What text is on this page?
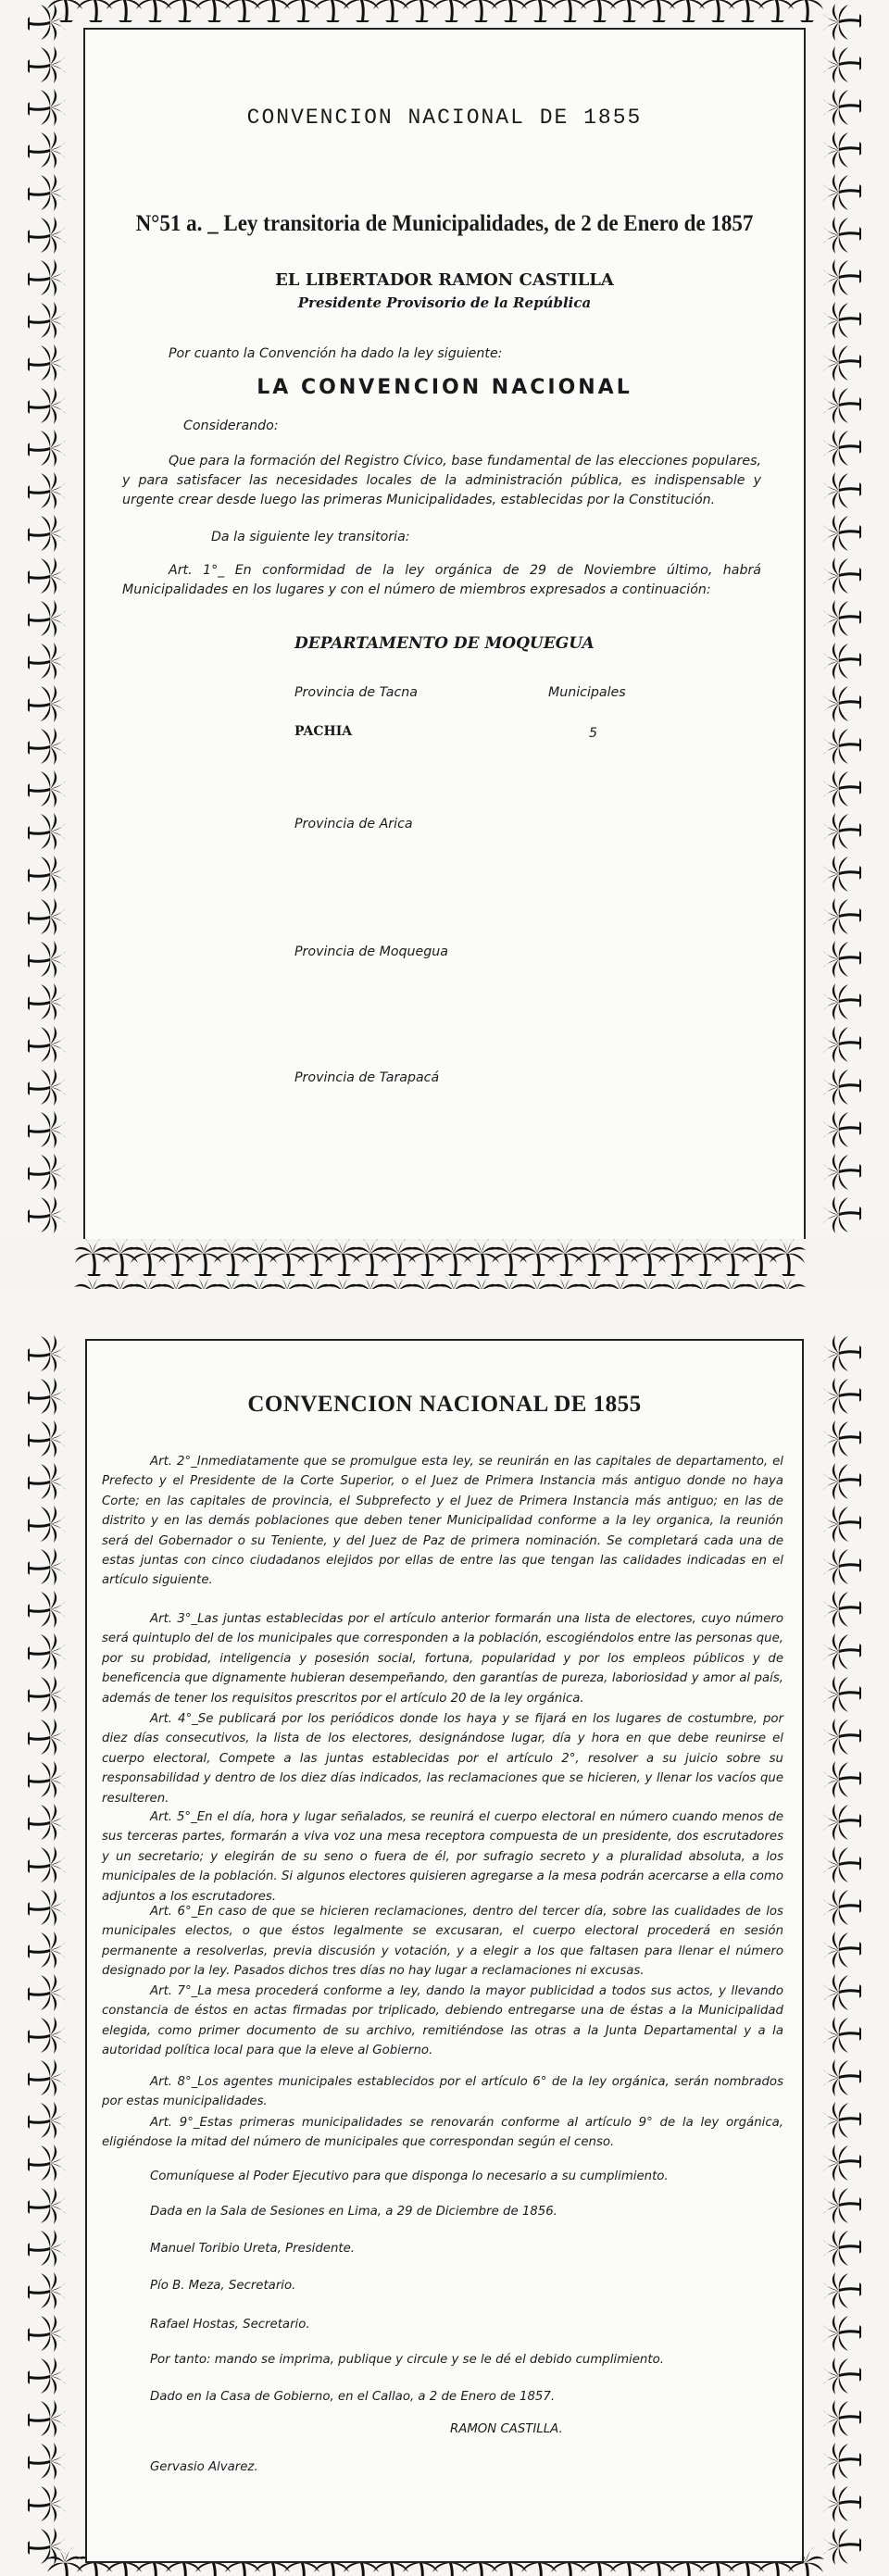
CONVENCION NACIONAL DE 1855
N°51 a. _ Ley transitoria de Municipalidades, de 2 de Enero de 1857
EL LIBERTADOR RAMON CASTILLA
Presidente Provisorio de la República
Por cuanto la Convención ha dado la ley siguiente:
LA CONVENCION NACIONAL
Considerando:
Que para la formación del Registro Cívico, base fundamental de las elecciones populares, y para satisfacer las necesidades locales de la administración pública, es indispensable y urgente crear desde luego las primeras Municipalidades, establecidas por la Constitución.
Da la siguiente ley transitoria:
Art. 1°_ En conformidad de la ley orgánica de 29 de Noviembre último, habrá Municipalidades en los lugares y con el número de miembros expresados a continuación:
DEPARTAMENTO DE MOQUEGUA
Provincia de Tacna	Municipales
PACHIA	5
Provincia de Arica
Provincia de Moquegua
Provincia de Tarapacá
CONVENCION NACIONAL DE 1855
Art. 2°_Inmediatamente que se promulgue esta ley, se reunirán en las capitales de departamento, el Prefecto y el Presidente de la Corte Superior, o el Juez de Primera Instancia más antiguo donde no haya Corte; en las capitales de provincia, el Subprefecto y el Juez de Primera Instancia más antiguo; en las de distrito y en las demás poblaciones que deben tener Municipalidad conforme a la ley organica, la reunión será del Gobernador o su Teniente, y del Juez de Paz de primera nominación. Se completará cada una de estas juntas con cinco ciudadanos elejidos por ellas de entre las que tengan las calidades indicadas en el artículo siguiente.
Art. 3°_Las juntas establecidas por el artículo anterior formarán una lista de electores, cuyo número será quintuplo del de los municipales que corresponden a la población, escogiéndolos entre las personas que, por su probidad, inteligencia y posesión social, fortuna, popularidad y por los empleos públicos y de beneficencia que dignamente hubieran desempeñando, den garantías de pureza, laboriosidad y amor al país, además de tener los requisitos prescritos por el artículo 20 de la ley orgánica.
Art. 4°_Se publicará por los periódicos donde los haya y se fijará en los lugares de costumbre, por diez días consecutivos, la lista de los electores, designándose lugar, día y hora en que debe reunirse el cuerpo electoral, Compete a las juntas establecidas por el artículo 2°, resolver a su juicio sobre su responsabilidad y dentro de los diez días indicados, las reclamaciones que se hicieren, y llenar los vacíos que resulteren.
Art. 5°_En el día, hora y lugar señalados, se reunirá el cuerpo electoral en número cuando menos de sus terceras partes, formarán a viva voz una mesa receptora compuesta de un presidente, dos escrutadores y un secretario; y elegirán de su seno o fuera de él, por sufragio secreto y a pluralidad absoluta, a los municipales de la población. Si algunos electores quisieren agregarse a la mesa podrán acercarse a ella como adjuntos a los escrutadores.
Art. 6°_En caso de que se hicieren reclamaciones, dentro del tercer día, sobre las cualidades de los municipales electos, o que éstos legalmente se excusaran, el cuerpo electoral procederá en sesión permanente a resolverlas, previa discusión y votación, y a elegir a los que faltasen para llenar el número designado por la ley. Pasados dichos tres días no hay lugar a reclamaciones ni excusas.
Art. 7°_La mesa procederá conforme a ley, dando la mayor publicidad a todos sus actos, y llevando constancia de éstos en actas firmadas por triplicado, debiendo entregarse una de éstas a la Municipalidad elegida, como primer documento de su archivo, remitiéndose las otras a la Junta Departamental y a la autoridad política local para que la eleve al Gobierno.
Art. 8°_Los agentes municipales establecidos por el artículo 6° de la ley orgánica, serán nombrados por estas municipalidades.
Art. 9°_Estas primeras municipalidades se renovarán conforme al artículo 9° de la ley orgánica, eligiéndose la mitad del número de municipales que correspondan según el censo.
Comuníquese al Poder Ejecutivo para que disponga lo necesario a su cumplimiento.
Dada en la Sala de Sesiones en Lima, a 29 de Diciembre de 1856.
Manuel Toribio Ureta, Presidente.
Pío B. Meza, Secretario.
Rafael Hostas, Secretario.
Por tanto: mando se imprima, publique y circule y se le dé el debido cumplimiento.
Dado en la Casa de Gobierno, en el Callao, a 2 de Enero de 1857.
RAMON CASTILLA.
Gervasio Alvarez.
